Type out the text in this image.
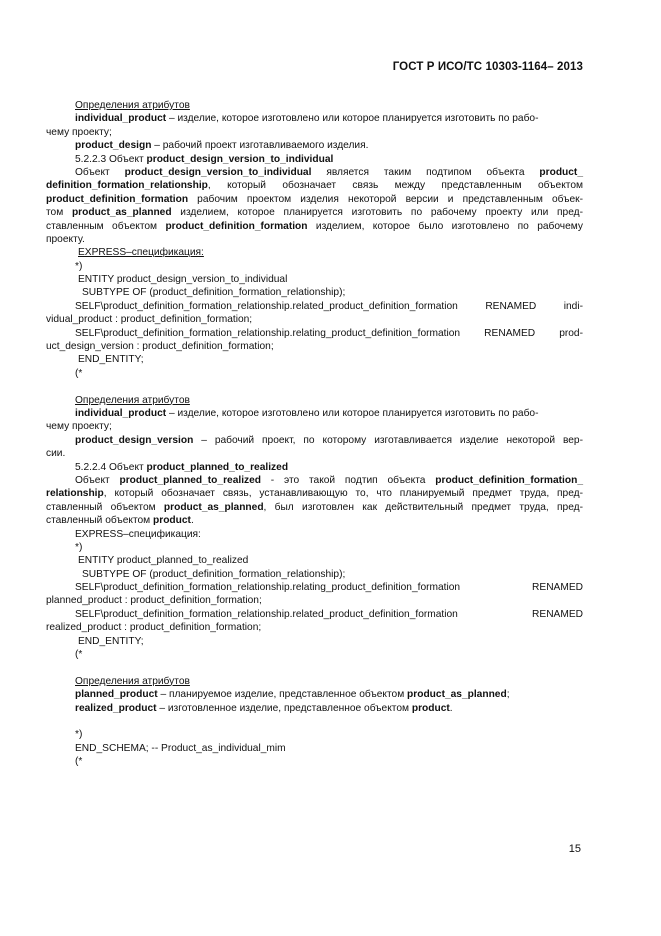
ГОСТ Р ИСО/ТС 10303-1164– 2013
Определения атрибутов
individual_product – изделие, которое изготовлено или которое планируется изготовить по рабо-
чему проекту;
product_design – рабочий проект изготавливаемого изделия.
5.2.2.3 Объект product_design_version_to_individual
Объект product_design_version_to_individual является таким подтипом объекта product_
definition_formation_relationship, который обозначает связь между представленным объектом
product_definition_formation рабочим проектом изделия некоторой версии и представленным объек-
том product_as_planned изделием, которое планируется изготовить по рабочему проекту или пред-
ставленным объектом product_definition_formation изделием, которое было изготовлено по рабочему
проекту.
EXPRESS–спецификация:
*)
ENTITY product_design_version_to_individual
SUBTYPE OF (product_definition_formation_relationship);
SELF\product_definition_formation_relationship.related_product_definition_formation RENAMED indi-
vidual_product : product_definition_formation;
SELF\product_definition_formation_relationship.relating_product_definition_formation RENAMED prod-
uct_design_version : product_definition_formation;
END_ENTITY;
(*
Определения атрибутов
individual_product – изделие, которое изготовлено или которое планируется изготовить по рабо-
чему проекту;
product_design_version – рабочий проект, по которому изготавливается изделие некоторой вер-
сии.
5.2.2.4 Объект product_planned_to_realized
Объект product_planned_to_realized - это такой подтип объекта product_definition_formation_
relationship, который обозначает связь, устанавливающую то, что планируемый предмет труда, пред-
ставленный объектом product_as_planned, был изготовлен как действительный предмет труда, пред-
ставленный объектом product.
EXPRESS–спецификация:
*)
ENTITY product_planned_to_realized
SUBTYPE OF (product_definition_formation_relationship);
SELF\product_definition_formation_relationship.relating_product_definition_formation	RENAMED
planned_product : product_definition_formation;
SELF\product_definition_formation_relationship.related_product_definition_formation	RENAMED
realized_product : product_definition_formation;
END_ENTITY;
(*
Определения атрибутов
planned_product – планируемое изделие, представленное объектом product_as_planned;
realized_product – изготовленное изделие, представленное объектом product.
*)
END_SCHEMA; -- Product_as_individual_mim
(*
15
